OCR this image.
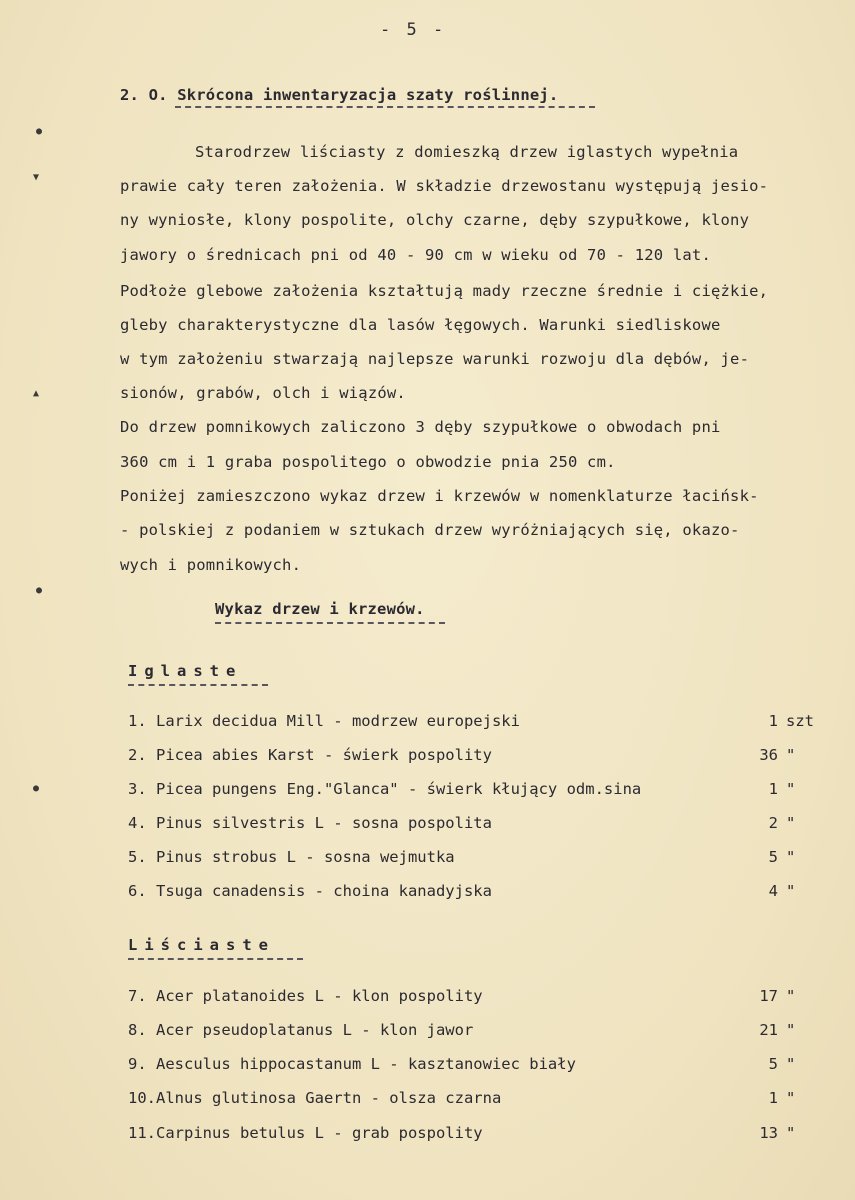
- 5 -
2. O. Skrócona inwentaryzacja szaty roślinnej.
Starodrzew liściasty z domieszką drzew iglastych wypełnia
prawie cały teren założenia. W składzie drzewostanu występują jesio-
ny wyniosłe, klony pospolite, olchy czarne, dęby szypułkowe, klony
jawory o średnicach pni od 40 - 90 cm w wieku od 70 - 120 lat.
Podłoże glebowe założenia kształtują mady rzeczne średnie i ciężkie,
gleby charakterystyczne dla lasów łęgowych. Warunki siedliskowe
w tym założeniu stwarzają najlepsze warunki rozwoju dla dębów, je-
sionów, grabów, olch i wiązów.
Do drzew pomnikowych zaliczono 3 dęby szypułkowe o obwodach pni
360 cm i 1 graba pospolitego o obwodzie pnia 250 cm.
Poniżej zamieszczono wykaz drzew i krzewów w nomenklaturze łacińsk-
- polskiej z podaniem w sztukach drzew wyróżniających się, okazo-
wych i pomnikowych.
Wykaz drzew i krzewów.
Iglaste
1. Larix decidua Mill - modrzew europejski	1 szt
2. Picea abies Karst - świerk pospolity	36 "
3. Picea pungens Eng."Glanca" - świerk kłujący odm.sina	1 "
4. Pinus silvestris L - sosna pospolita	2 "
5. Pinus strobus L - sosna wejmutka	5 "
6. Tsuga canadensis - choina kanadyjska	4 "
Liściaste
7. Acer platanoides L - klon pospolity	17 "
8. Acer pseudoplatanus L - klon jawor	21 "
9. Aesculus hippocastanum L - kasztanowiec biały	5 "
10.Alnus glutinosa Gaertn - olsza czarna	1 "
11.Carpinus betulus L - grab pospolity	13 "
●
▼
▲
●
●
